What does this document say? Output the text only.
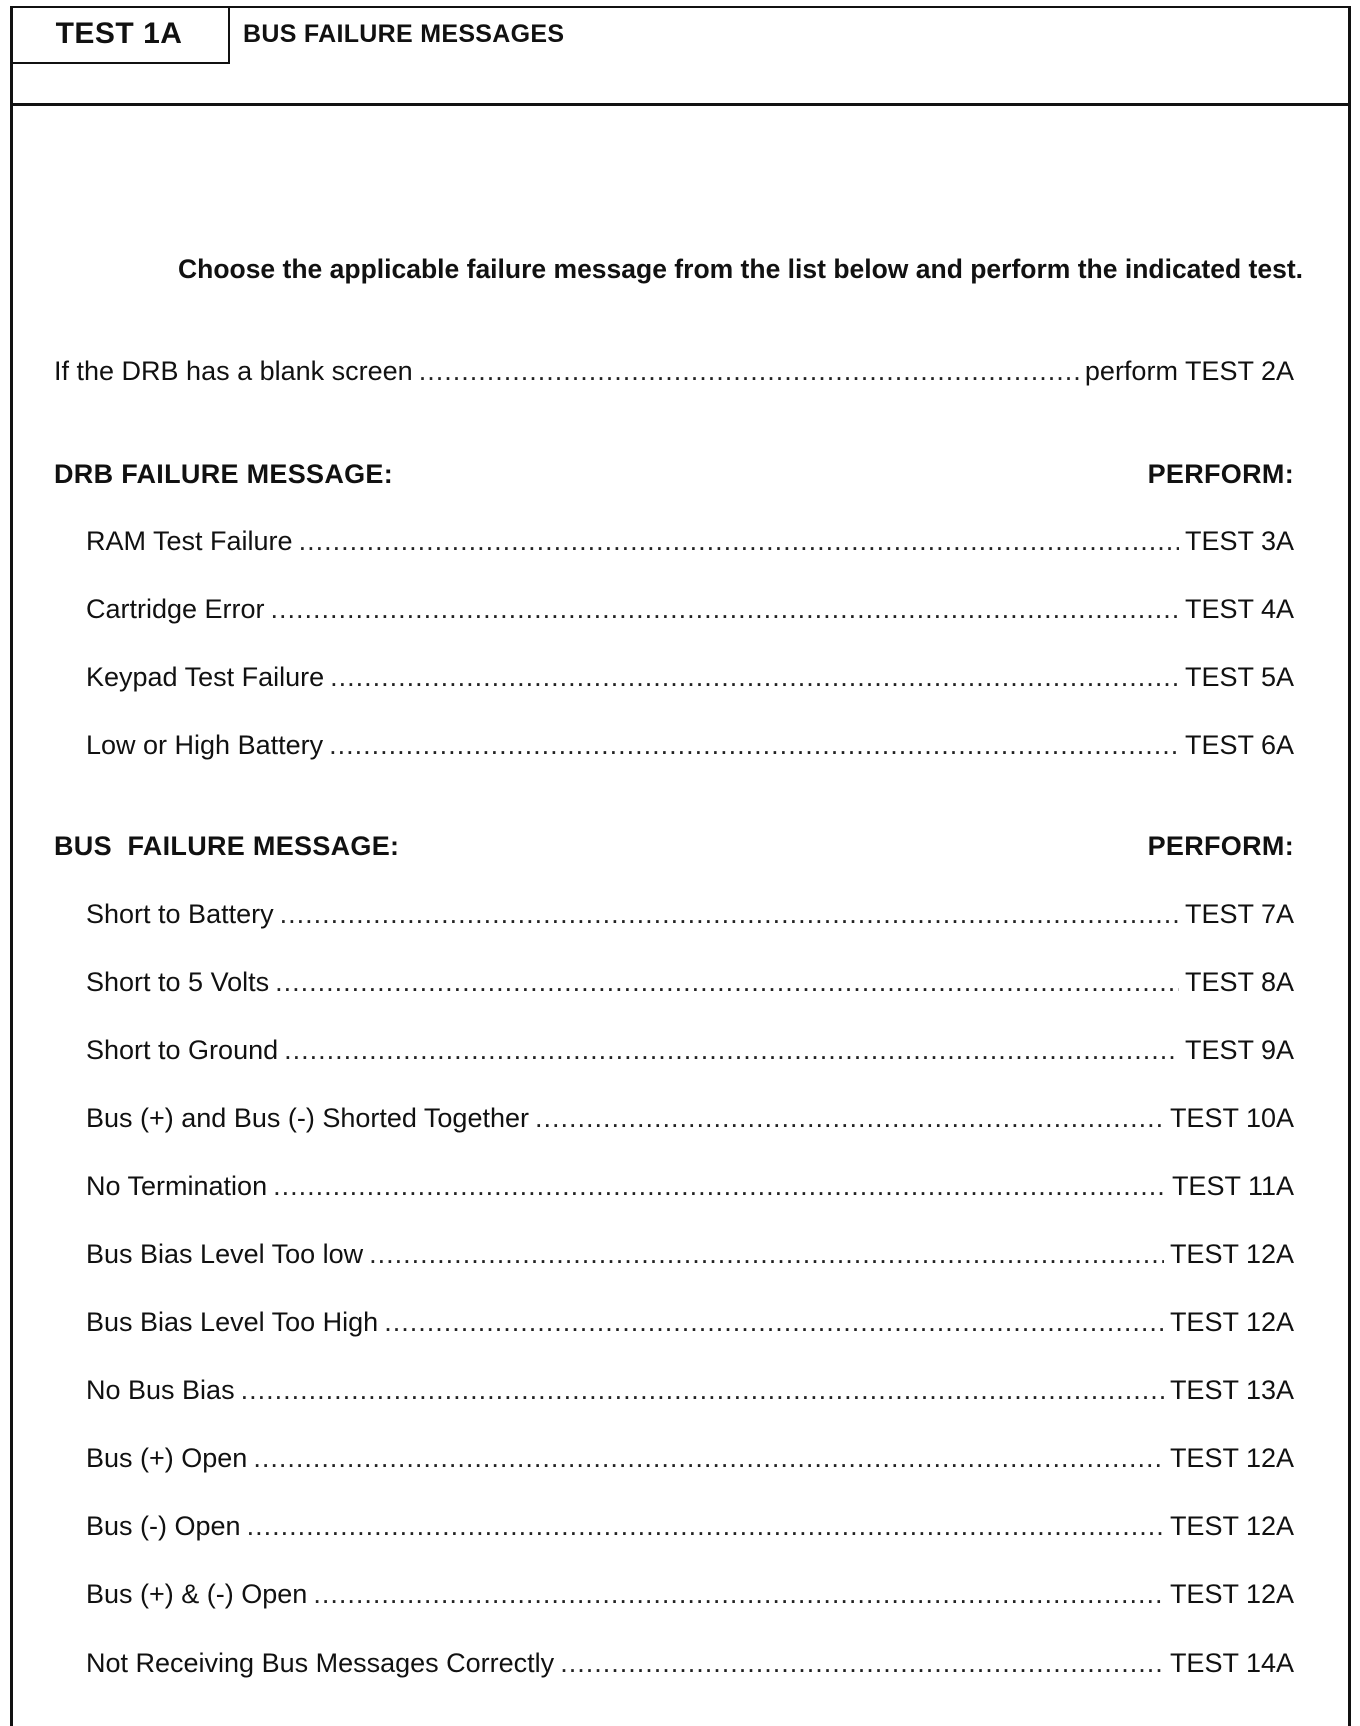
TEST 1A BUS FAILURE MESSAGES
Choose the applicable failure message from the list below and perform the indicated test.
If the DRB has a blank screen .....	perform TEST 2A
DRB FAILURE MESSAGE:	PERFORM:
RAM Test Failure .....	TEST 3A
Cartridge Error .....	TEST 4A
Keypad Test Failure .....	TEST 5A
Low or High Battery .....	TEST 6A
BUS  FAILURE MESSAGE:	PERFORM:
Short to Battery .....	TEST 7A
Short to 5 Volts .....	TEST 8A
Short to Ground .....	TEST 9A
Bus (+) and Bus (-) Shorted Together .....	TEST 10A
No Termination .....	TEST 11A
Bus Bias Level Too low .....	TEST 12A
Bus Bias Level Too High .....	TEST 12A
No Bus Bias .....	TEST 13A
Bus (+) Open .....	TEST 12A
Bus (-) Open .....	TEST 12A
Bus (+) & (-) Open .....	TEST 12A
Not Receiving Bus Messages Correctly .....	TEST 14A
